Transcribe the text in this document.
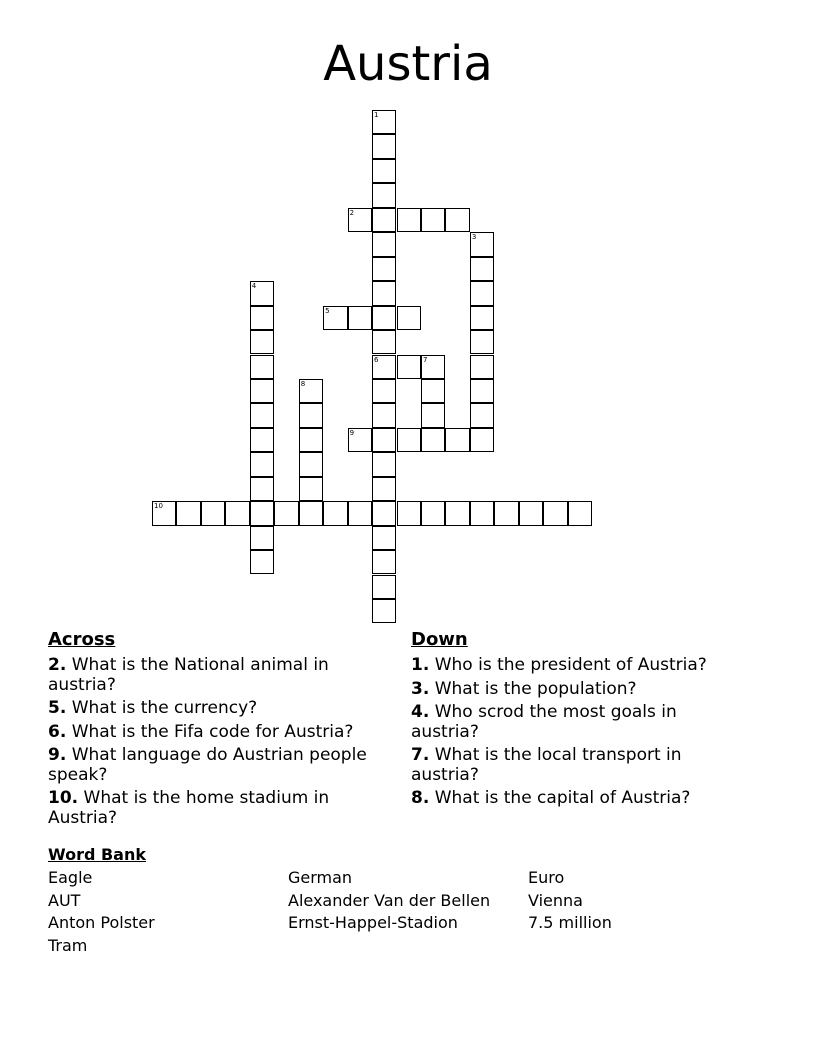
Austria
1
6
2
3
4
5
7
8
9
10
Across
2. What is the National animal in austria?
5. What is the currency?
6. What is the Fifa code for Austria?
9. What language do Austrian people speak?
10. What is the home stadium in Austria?
Down
1. Who is the president of Austria?
3. What is the population?
4. Who scrod the most goals in austria?
7. What is the local transport in austria?
8. What is the capital of Austria?
Word Bank
Eagle
AUT
Anton Polster
Tram
German
Alexander Van der Bellen
Ernst-Happel-Stadion
Euro
Vienna
7.5 million
